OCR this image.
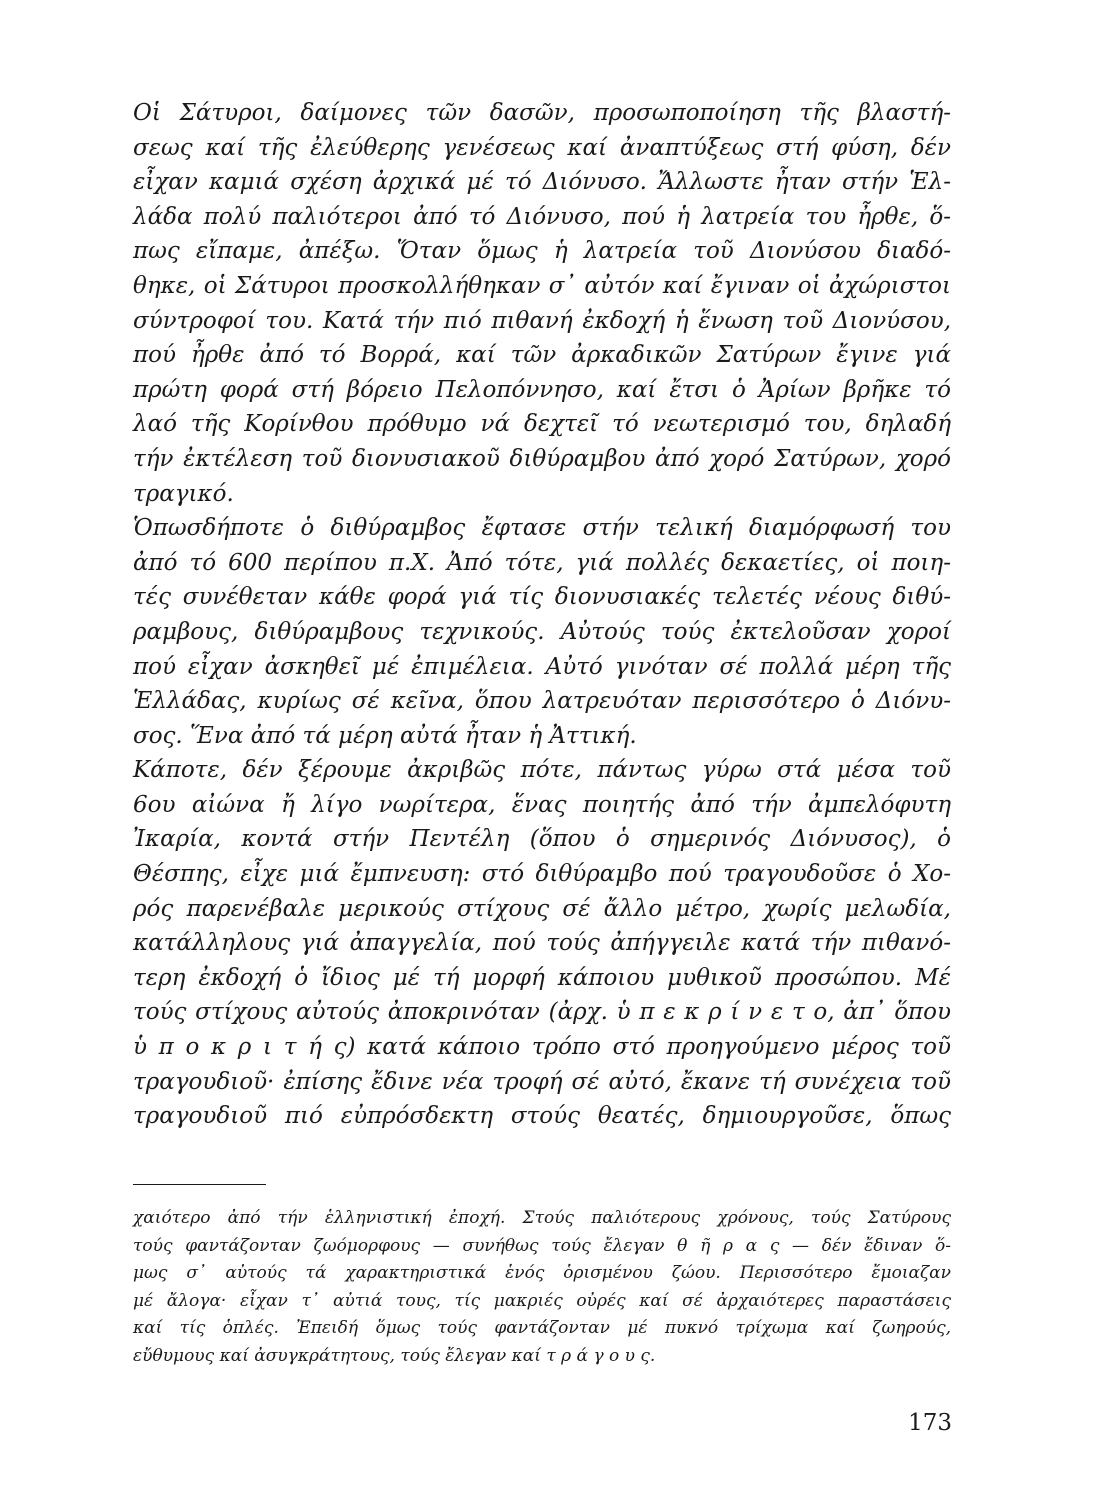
Οἱ Σάτυροι, δαίμονες τῶν δασῶν, προσωποποίηση τῆς βλαστή-
σεως καί τῆς ἐλεύθερης γενέσεως καί ἀναπτύξεως στή φύση, δέν
εἶχαν καμιά σχέση ἀρχικά μέ τό Διόνυσο. Ἄλλωστε ἦταν στήν Ἑλ-
λάδα πολύ παλιότεροι ἀπό τό Διόνυσο, πού ἡ λατρεία του ἦρθε, ὅ-
πως εἴπαμε, ἀπέξω. Ὅταν ὅμως ἡ λατρεία τοῦ Διονύσου διαδό-
θηκε, οἱ Σάτυροι προσκολλήθηκαν σ᾿ αὐτόν καί ἔγιναν οἱ ἀχώριστοι
σύντροφοί του. Κατά τήν πιό πιθανή ἐκδοχή ἡ ἕνωση τοῦ Διονύσου,
πού ἦρθε ἀπό τό Βορρά, καί τῶν ἀρκαδικῶν Σατύρων ἔγινε γιά
πρώτη φορά στή βόρειο Πελοπόννησο, καί ἔτσι ὁ Ἀρίων βρῆκε τό
λαό τῆς Κορίνθου πρόθυμο νά δεχτεῖ τό νεωτερισμό του, δηλαδή
τήν ἐκτέλεση τοῦ διονυσιακοῦ διθύραμβου ἀπό χορό Σατύρων, χορό
τραγικό.
Ὁπωσδήποτε ὁ διθύραμβος ἔφτασε στήν τελική διαμόρφωσή του
ἀπό τό 600 περίπου π.Χ. Ἀπό τότε, γιά πολλές δεκαετίες, οἱ ποιη-
τές συνέθεταν κάθε φορά γιά τίς διονυσιακές τελετές νέους διθύ-
ραμβους, διθύραμβους τεχνικούς. Αὐτούς τούς ἐκτελοῦσαν χοροί
πού εἶχαν ἀσκηθεῖ μέ ἐπιμέλεια. Αὐτό γινόταν σέ πολλά μέρη τῆς
Ἑλλάδας, κυρίως σέ κεῖνα, ὅπου λατρευόταν περισσότερο ὁ Διόνυ-
σος. Ἕνα ἀπό τά μέρη αὐτά ἦταν ἡ Ἀττική.
Κάποτε, δέν ξέρουμε ἀκριβῶς πότε, πάντως γύρω στά μέσα τοῦ
6ου αἰώνα ἤ λίγο νωρίτερα, ἕνας ποιητής ἀπό τήν ἀμπελόφυτη
Ἰκαρία, κοντά στήν Πεντέλη (ὅπου ὁ σημερινός Διόνυσος), ὁ
Θέσπης, εἶχε μιά ἔμπνευση: στό διθύραμβο πού τραγουδοῦσε ὁ Χο-
ρός παρενέβαλε μερικούς στίχους σέ ἄλλο μέτρο, χωρίς μελωδία,
κατάλληλους γιά ἀπαγγελία, πού τούς ἀπήγγειλε κατά τήν πιθανό-
τερη ἐκδοχή ὁ ἴδιος μέ τή μορφή κάποιου μυθικοῦ προσώπου. Μέ
τούς στίχους αὐτούς ἀποκρινόταν (ἀρχ. ὑ π ε κ ρ ί ν ε τ ο, ἀπ᾿ ὅπου
ὑ π ο κ ρ ι τ ή ς) κατά κάποιο τρόπο στό προηγούμενο μέρος τοῦ
τραγουδιοῦ· ἐπίσης ἔδινε νέα τροφή σέ αὐτό, ἔκανε τή συνέχεια τοῦ
τραγουδιοῦ πιό εὐπρόσδεκτη στούς θεατές, δημιουργοῦσε, ὅπως
χαιότερο ἀπό τήν ἑλληνιστική ἐποχή. Στούς παλιότερους χρόνους, τούς Σατύρους
τούς φαντάζονταν ζωόμορφους — συνήθως τούς ἔλεγαν θ ῆ ρ α ς — δέν ἔδιναν ὅ-
μως σ᾿ αὐτούς τά χαρακτηριστικά ἑνός ὁρισμένου ζώου. Περισσότερο ἔμοιαζαν
μέ ἄλογα· εἶχαν τ᾿ αὐτιά τους, τίς μακριές οὐρές καί σέ ἀρχαιότερες παραστάσεις
καί τίς ὁπλές. Ἐπειδή ὅμως τούς φαντάζονταν μέ πυκνό τρίχωμα καί ζωηρούς,
εὔθυμους καί ἀσυγκράτητους, τούς ἔλεγαν καί τ ρ ά γ ο υ ς.
173
